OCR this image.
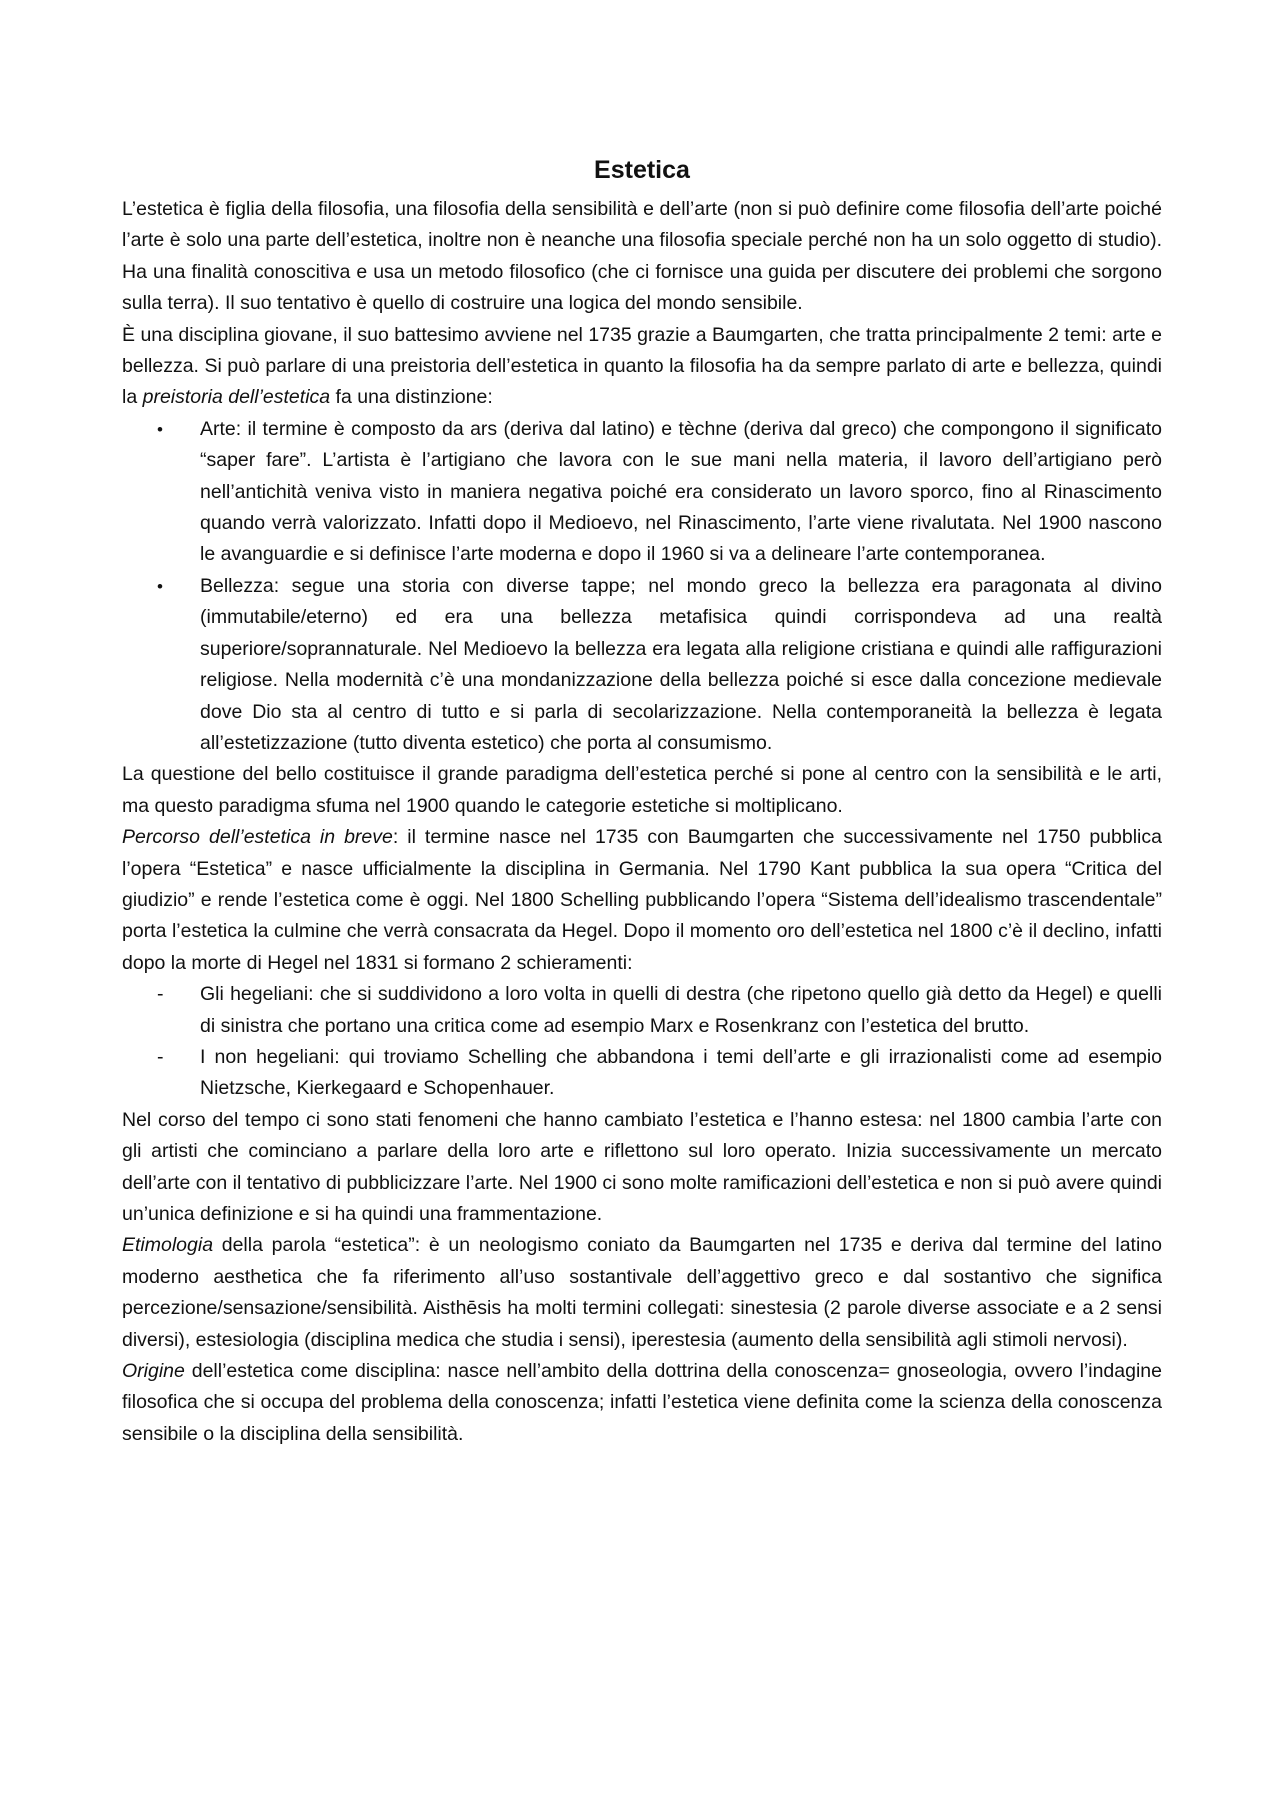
Estetica

L’estetica è figlia della filosofia, una filosofia della sensibilità e dell’arte (non si può definire come filosofia dell’arte poiché l’arte è solo una parte dell’estetica, inoltre non è neanche una filosofia speciale perché non ha un solo oggetto di studio). Ha una finalità conoscitiva e usa un metodo filosofico (che ci fornisce una guida per discutere dei problemi che sorgono sulla terra). Il suo tentativo è quello di costruire una logica del mondo sensibile.

È una disciplina giovane, il suo battesimo avviene nel 1735 grazie a Baumgarten, che tratta principalmente 2 temi: arte e bellezza. Si può parlare di una preistoria dell’estetica in quanto la filosofia ha da sempre parlato di arte e bellezza, quindi la preistoria dell’estetica fa una distinzione:

•	Arte: il termine è composto da ars (deriva dal latino) e tèchne (deriva dal greco) che compongono il significato “saper fare”. L’artista è l’artigiano che lavora con le sue mani nella materia, il lavoro dell’artigiano però nell’antichità veniva visto in maniera negativa poiché era considerato un lavoro sporco, fino al Rinascimento quando verrà valorizzato. Infatti dopo il Medioevo, nel Rinascimento, l’arte viene rivalutata. Nel 1900 nascono le avanguardie e si definisce l’arte moderna e dopo il 1960 si va a delineare l’arte contemporanea.
•	Bellezza: segue una storia con diverse tappe; nel mondo greco la bellezza era paragonata al divino (immutabile/eterno) ed era una bellezza metafisica quindi corrispondeva ad una realtà superiore/soprannaturale. Nel Medioevo la bellezza era legata alla religione cristiana e quindi alle raffigurazioni religiose. Nella modernità c’è una mondanizzazione della bellezza poiché si esce dalla concezione medievale dove Dio sta al centro di tutto e si parla di secolarizzazione. Nella contemporaneità la bellezza è legata all’estetizzazione (tutto diventa estetico) che porta al consumismo.

La questione del bello costituisce il grande paradigma dell’estetica perché si pone al centro con la sensibilità e le arti, ma questo paradigma sfuma nel 1900 quando le categorie estetiche si moltiplicano.

Percorso dell’estetica in breve: il termine nasce nel 1735 con Baumgarten che successivamente nel 1750 pubblica l’opera “Estetica” e nasce ufficialmente la disciplina in Germania. Nel 1790 Kant pubblica la sua opera “Critica del giudizio” e rende l’estetica come è oggi. Nel 1800 Schelling pubblicando l’opera “Sistema dell’idealismo trascendentale” porta l’estetica la culmine che verrà consacrata da Hegel. Dopo il momento oro dell’estetica nel 1800 c’è il declino, infatti dopo la morte di Hegel nel 1831 si formano 2 schieramenti:

-	Gli hegeliani: che si suddividono a loro volta in quelli di destra (che ripetono quello già detto da Hegel) e quelli di sinistra che portano una critica come ad esempio Marx e Rosenkranz con l’estetica del brutto.
-	I non hegeliani: qui troviamo Schelling che abbandona i temi dell’arte e gli irrazionalisti come ad esempio Nietzsche, Kierkegaard e Schopenhauer.

Nel corso del tempo ci sono stati fenomeni che hanno cambiato l’estetica e l’hanno estesa: nel 1800 cambia l’arte con gli artisti che cominciano a parlare della loro arte e riflettono sul loro operato. Inizia successivamente un mercato dell’arte con il tentativo di pubblicizzare l’arte. Nel 1900 ci sono molte ramificazioni dell’estetica e non si può avere quindi un’unica definizione e si ha quindi una frammentazione.

Etimologia della parola “estetica”: è un neologismo coniato da Baumgarten nel 1735 e deriva dal termine del latino moderno aesthetica che fa riferimento all’uso sostantivale dell’aggettivo greco e dal sostantivo che significa percezione/sensazione/sensibilità. Aisthēsis ha molti termini collegati: sinestesia (2 parole diverse associate e a 2 sensi diversi), estesiologia (disciplina medica che studia i sensi), iperestesia (aumento della sensibilità agli stimoli nervosi).

Origine dell’estetica come disciplina: nasce nell’ambito della dottrina della conoscenza= gnoseologia, ovvero l’indagine filosofica che si occupa del problema della conoscenza; infatti l’estetica viene definita come la scienza della conoscenza sensibile o la disciplina della sensibilità.
